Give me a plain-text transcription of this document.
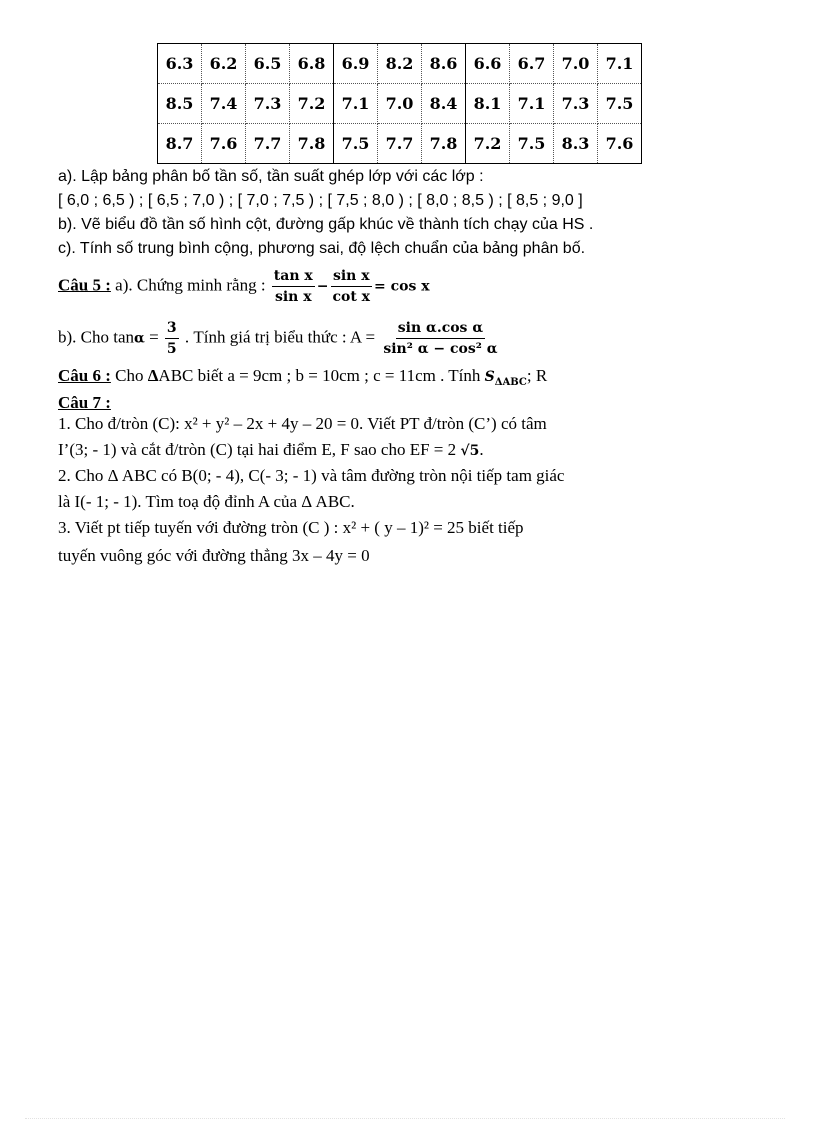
6.3	6.2	6.5	6.8	6.9	8.2	8.6	6.6	6.7	7.0	7.1
8.5	7.4	7.3	7.2	7.1	7.0	8.4	8.1	7.1	7.3	7.5
8.7	7.6	7.7	7.8	7.5	7.7	7.8	7.2	7.5	8.3	7.6
a). Lập bảng phân bố tần số, tần suất ghép lớp với các lớp :
[ 6,0 ; 6,5 ) ; [ 6,5 ; 7,0 ) ; [ 7,0 ; 7,5 ) ; [ 7,5 ; 8,0 ) ; [ 8,0 ; 8,5 ) ; [ 8,5 ; 9,0 ]
b). Vẽ biểu đồ tần số hình cột, đường gấp khúc về thành tích chạy của HS .
c). Tính số trung bình cộng, phương sai, độ lệch chuẩn của bảng phân bố.
Câu 5 : a). Chứng minh rằng : $\frac{\text{tan x}}{\text{sin x}} - \frac{\text{sin x}}{\text{cot x}} = \cos x$
b). Cho $\tan\alpha = \frac{3}{5}$ . Tính giá trị biểu thức : $A = \frac{\text{sin α.cos α}}{\text{sin² α − cos² α}}$
Câu 6 : Cho ΔABC biết a = 9cm ; b = 10cm ; c = 11cm . Tính $S_{\Delta ABC}$; R
Câu 7 :
1. Cho đ/tròn (C): x² + y² – 2x + 4y – 20 = 0. Viết PT đ/tròn (C’) có tâm
I’(3; - 1) và cắt đ/tròn (C) tại hai điểm E, F sao cho EF = 2 √5.
2. Cho Δ ABC có B(0; - 4), C(- 3; - 1) và tâm đường tròn nội tiếp tam giác
là I(- 1; - 1). Tìm toạ độ đỉnh A của Δ ABC.
3. Viết pt tiếp tuyến với đường tròn (C ) : x² + ( y – 1)² = 25 biết tiếp
tuyến vuông góc với đường thẳng 3x – 4y = 0
